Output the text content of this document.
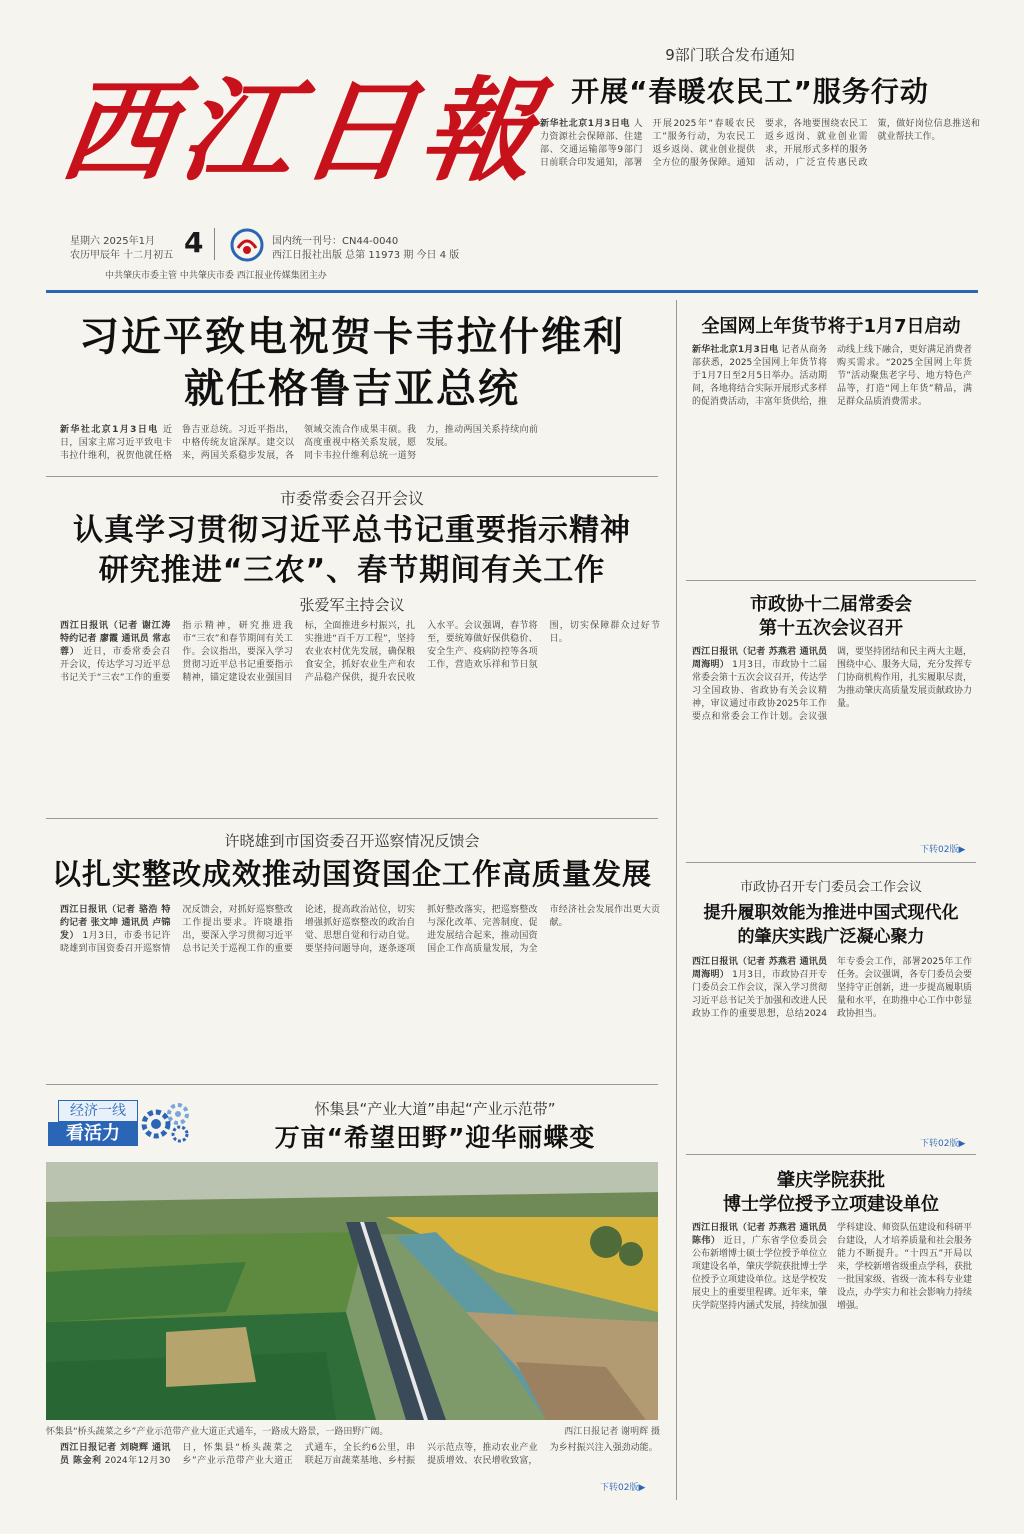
西江日報
星期六 2025年1月
农历甲辰年 十二月初五 4	国内统一刊号：CN44-0040
西江日报社出版 总第 11973 期 今日 4 版
中共肇庆市委主管 中共肇庆市委 西江报业传媒集团主办
9部门联合发布通知
开展“春暖农民工”服务行动
新华社北京1月3日电 人力资源社会保障部、住建部、交通运输部等9部门日前联合印发通知，部署开展2025年“春暖农民工”服务行动，为农民工返乡返岗、就业创业提供全方位的服务保障。通知要求，各地要围绕农民工返乡返岗、就业创业需求，开展形式多样的服务活动，广泛宣传惠民政策，做好岗位信息推送和就业帮扶工作。
习近平致电祝贺卡韦拉什维利
就任格鲁吉亚总统
新华社北京1月3日电 近日，国家主席习近平致电卡韦拉什维利，祝贺他就任格鲁吉亚总统。习近平指出，中格传统友谊深厚。建交以来，两国关系稳步发展，各领域交流合作成果丰硕。我高度重视中格关系发展，愿同卡韦拉什维利总统一道努力，推动两国关系持续向前发展。
全国网上年货节将于1月7日启动
新华社北京1月3日电 记者从商务部获悉，2025全国网上年货节将于1月7日至2月5日举办。活动期间，各地将结合实际开展形式多样的促消费活动，丰富年货供给，推动线上线下融合，更好满足消费者购买需求。“2025全国网上年货节”活动聚焦老字号、地方特色产品等，打造“网上年货”精品，满足群众品质消费需求。
市委常委会召开会议
认真学习贯彻习近平总书记重要指示精神
研究推进“三农”、春节期间有关工作
张爱军主持会议
西江日报讯（记者 谢江涛 特约记者 廖霞 通讯员 常志蓉） 近日，市委常委会召开会议，传达学习习近平总书记关于“三农”工作的重要指示精神，研究推进我市“三农”和春节期间有关工作。会议指出，要深入学习贯彻习近平总书记重要指示精神，锚定建设农业强国目标，全面推进乡村振兴，扎实推进“百千万工程”，坚持农业农村优先发展，确保粮食安全，抓好农业生产和农产品稳产保供，提升农民收入水平。会议强调，春节将至，要统筹做好保供稳价、安全生产、疫病防控等各项工作，营造欢乐祥和节日氛围，切实保障群众过好节日。
市政协十二届常委会
第十五次会议召开
西江日报讯（记者 苏燕君 通讯员 周海明） 1月3日，市政协十二届常委会第十五次会议召开，传达学习全国政协、省政协有关会议精神，审议通过市政协2025年工作要点和常委会工作计划。会议强调，要坚持团结和民主两大主题，围绕中心、服务大局，充分发挥专门协商机构作用，扎实履职尽责，为推动肇庆高质量发展贡献政协力量。
下转02版▶
许晓雄到市国资委召开巡察情况反馈会
以扎实整改成效推动国资国企工作高质量发展
西江日报讯（记者 骆浩 特约记者 张文坤 通讯员 卢锦发） 1月3日，市委书记许晓雄到市国资委召开巡察情况反馈会，对抓好巡察整改工作提出要求。许晓雄指出，要深入学习贯彻习近平总书记关于巡视工作的重要论述，提高政治站位，切实增强抓好巡察整改的政治自觉、思想自觉和行动自觉。要坚持问题导向，逐条逐项抓好整改落实，把巡察整改与深化改革、完善制度、促进发展结合起来，推动国资国企工作高质量发展，为全市经济社会发展作出更大贡献。
市政协召开专门委员会工作会议
提升履职效能为推进中国式现代化
的肇庆实践广泛凝心聚力
西江日报讯（记者 苏燕君 通讯员 周海明） 1月3日，市政协召开专门委员会工作会议，深入学习贯彻习近平总书记关于加强和改进人民政协工作的重要思想，总结2024年专委会工作，部署2025年工作任务。会议强调，各专门委员会要坚持守正创新，进一步提高履职质量和水平，在助推中心工作中彰显政协担当。
下转02版▶
经济一线
看活力
怀集县“产业大道”串起“产业示范带”
万亩“希望田野”迎华丽蝶变
怀集县“桥头蔬菜之乡”产业示范带产业大道正式通车，一路成大路景，一路田野广阔。	西江日报记者 谢明辉 摄
西江日报记者 刘晓辉 通讯员 陈金利 2024年12月30日，怀集县“桥头蔬菜之乡”产业示范带产业大道正式通车，全长约6公里，串联起万亩蔬菜基地、乡村振兴示范点等，推动农业产业提质增效、农民增收致富，为乡村振兴注入强劲动能。
下转02版▶
肇庆学院获批
博士学位授予立项建设单位
西江日报讯（记者 苏燕君 通讯员 陈伟） 近日，广东省学位委员会公布新增博士硕士学位授予单位立项建设名单，肇庆学院获批博士学位授予立项建设单位。这是学校发展史上的重要里程碑。近年来，肇庆学院坚持内涵式发展，持续加强学科建设、师资队伍建设和科研平台建设，人才培养质量和社会服务能力不断提升。“十四五”开局以来，学校新增省级重点学科，获批一批国家级、省级一流本科专业建设点，办学实力和社会影响力持续增强。
